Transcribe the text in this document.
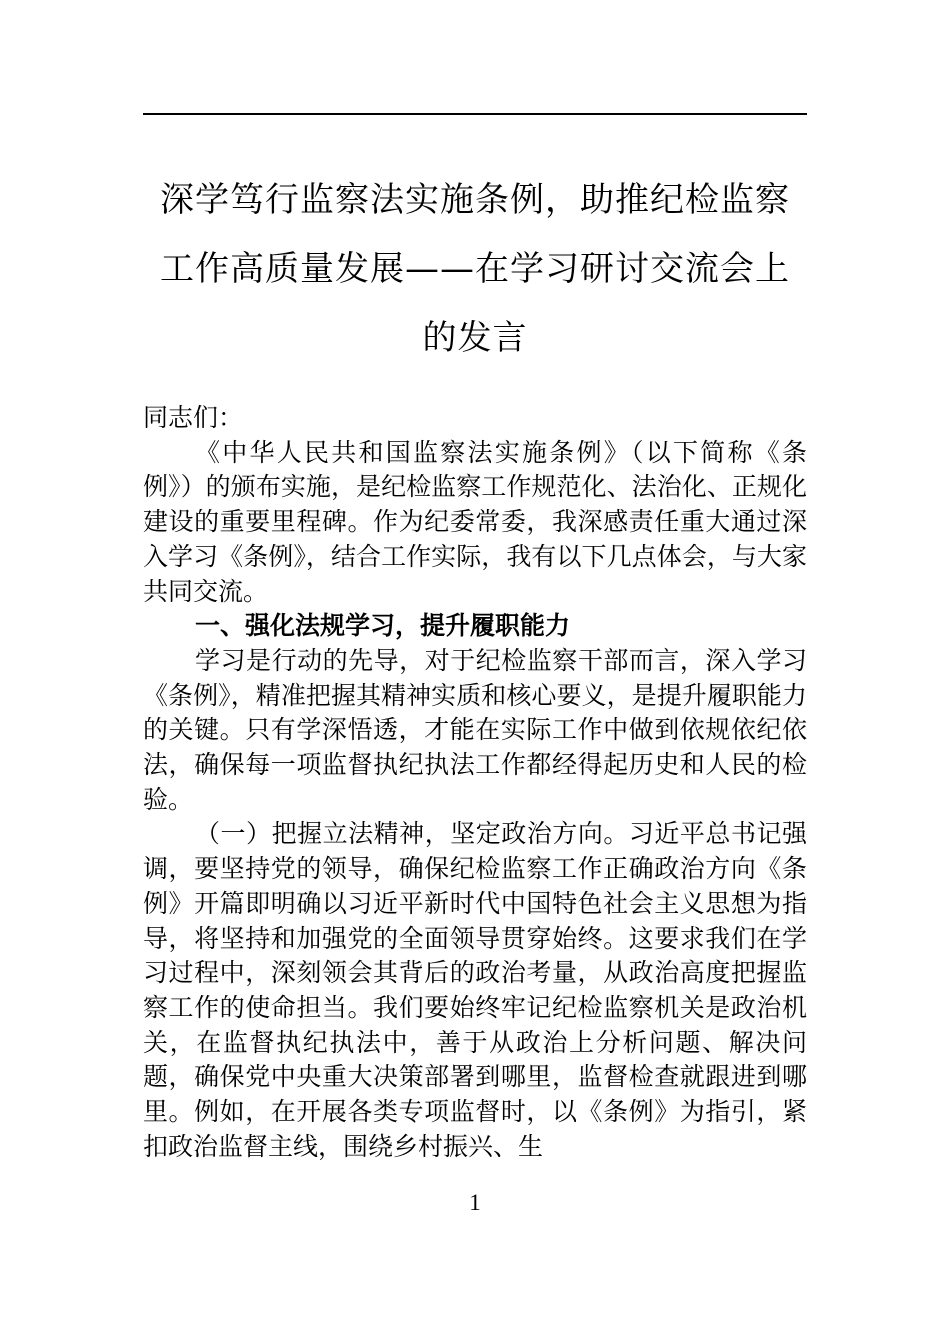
深学笃行监察法实施条例，助推纪检监察工作高质量发展——在学习研讨交流会上的发言

同志们：

《中华人民共和国监察法实施条例》（以下简称《条例》）的颁布实施，是纪检监察工作规范化、法治化、正规化建设的重要里程碑。作为纪委常委，我深感责任重大通过深入学习《条例》，结合工作实际，我有以下几点体会，与大家共同交流。

一、强化法规学习，提升履职能力

学习是行动的先导，对于纪检监察干部而言，深入学习《条例》，精准把握其精神实质和核心要义，是提升履职能力的关键。只有学深悟透，才能在实际工作中做到依规依纪依法，确保每一项监督执纪执法工作都经得起历史和人民的检验。

（一）把握立法精神，坚定政治方向。习近平总书记强调，要坚持党的领导，确保纪检监察工作正确政治方向《条例》开篇即明确以习近平新时代中国特色社会主义思想为指导，将坚持和加强党的全面领导贯穿始终。这要求我们在学习过程中，深刻领会其背后的政治考量，从政治高度把握监察工作的使命担当。我们要始终牢记纪检监察机关是政治机关，在监督执纪执法中，善于从政治上分析问题、解决问题，确保党中央重大决策部署到哪里，监督检查就跟进到哪里。例如，在开展各类专项监督时，以《条例》为指引，紧扣政治监督主线，围绕乡村振兴、生

1
